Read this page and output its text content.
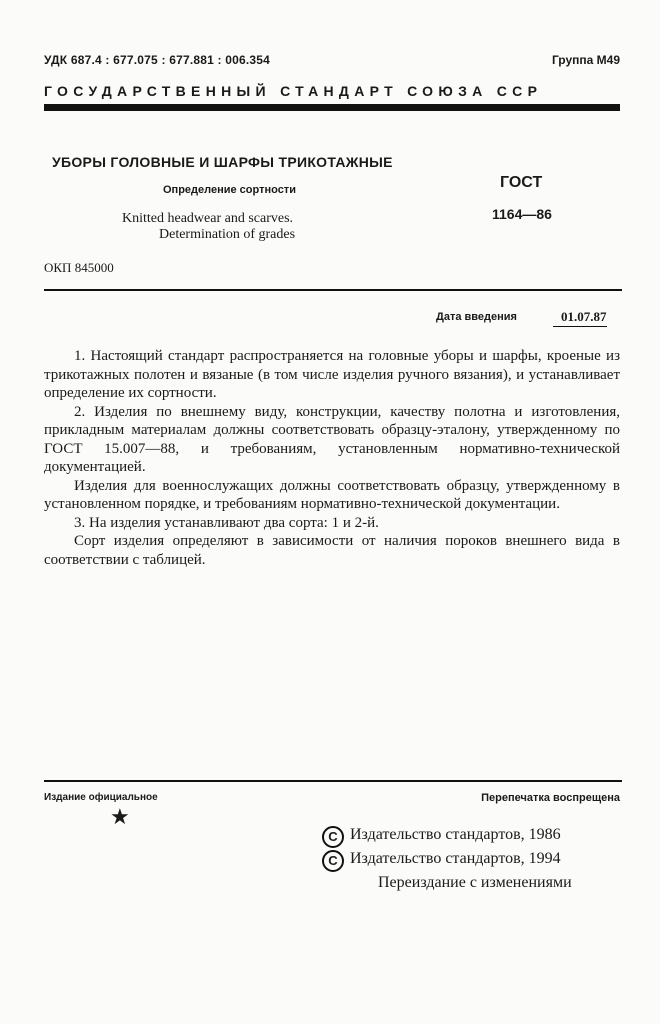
УДК 687.4 : 677.075 : 677.881 : 006.354	Группа М49
ГОСУДАРСТВЕННЫЙ СТАНДАРТ СОЮЗА ССР
УБОРЫ ГОЛОВНЫЕ И ШАРФЫ ТРИКОТАЖНЫЕ
Определение сортности
Knitted headwear and scarves.
Determination of grades
ГОСТ
1164—86
ОКП 845000
Дата введения	01.07.87

1. Настоящий стандарт распространяется на головные уборы и шарфы, кроеные из трикотажных полотен и вязаные (в том числе изделия ручного вязания), и устанавливает определение их сортности.

2. Изделия по внешнему виду, конструкции, качеству полотна и изготовления, прикладным материалам должны соответствовать образцу-эталону, утвержденному по ГОСТ 15.007—88, и требованиям, установленным нормативно-технической документацией.

Изделия для военнослужащих должны соответствовать образцу, утвержденному в установленном порядке, и требованиям нормативно-технической документации.

3. На изделия устанавливают два сорта: 1 и 2-й.

Сорт изделия определяют в зависимости от наличия пороков внешнего вида в соответствии с таблицей.

Издание официальное	Перепечатка воспрещена
★
C Издательство стандартов, 1986
C Издательство стандартов, 1994
Переиздание с изменениями
